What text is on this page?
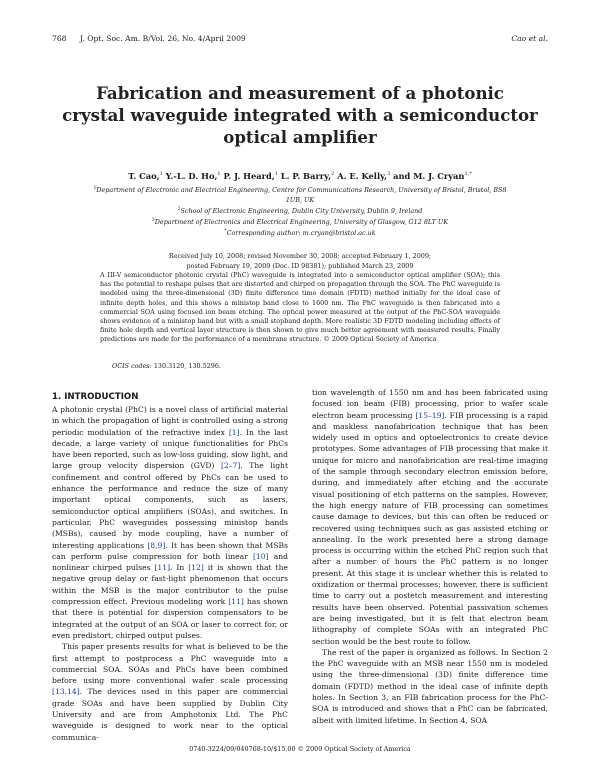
768 J. Opt. Soc. Am. B/Vol. 26, No. 4/April 2009	Cao et al.
Fabrication and measurement of a photonic
crystal waveguide integrated with a semiconductor
optical amplifier
T. Cao,$^1$ Y.-L. D. Ho,$^1$ P. J. Heard,$^1$ L. P. Barry,$^2$ A. E. Kelly,$^3$ and M. J. Cryan$^{1,*}$
$^1$Department of Electronic and Electrical Engineering, Centre for Communications Research, University of Bristol, Bristol, BS8 1UB, UK
$^2$School of Electronic Engineering, Dublin City University, Dublin 9, Ireland
$^3$Department of Electronics and Electrical Engineering, University of Glasgow, G12 8LT UK
*Corresponding author: m.cryan@bristol.ac.uk
Received July 10, 2008; revised November 30, 2008; accepted February 1, 2009;
posted February 19, 2009 (Doc. ID 98381); published March 23, 2009
A III-V semiconductor photonic crystal (PhC) waveguide is integrated into a semiconductor optical amplifier (SOA); this has the potential to reshape pulses that are distorted and chirped on propagation through the SOA. The PhC waveguide is modeled using the three-dimensional (3D) finite difference time domain (FDTD) method initially for the ideal case of infinite depth holes, and this shows a ministop band close to 1600 nm. The PhC waveguide is then fabricated into a commercial SOA using focused ion beam etching. The optical power measured at the output of the PhC-SOA waveguide shows evidence of a ministop band but with a small stopband depth. More realistic 3D FDTD modeling including effects of finite hole depth and vertical layer structure is then shown to give much better agreement with measured results. Finally predictions are made for the performance of a membrane structure. © 2009 Optical Society of America
OCIS codes: 130.3120, 130.5296.
1. INTRODUCTION

A photonic crystal (PhC) is a novel class of artificial material in which the propagation of light is controlled using a strong periodic modulation of the refractive index [1]. In the last decade, a large variety of unique functionalities for PhCs have been reported, such as low-loss guiding, slow light, and large group velocity dispersion (GVD) [2–7]. The light confinement and control offered by PhCs can be used to enhance the performance and reduce the size of many important optical components, such as lasers, semiconductor optical amplifiers (SOAs), and switches. In particular, PhC waveguides possessing ministop bands (MSBs), caused by mode coupling, have a number of interesting applications [8,9]. It has been shown that MSBs can perform pulse compression for both linear [10] and nonlinear chirped pulses [11]. In [12] it is shown that the negative group delay or fast-light phenomenon that occurs within the MSB is the major contributor to the pulse compression effect. Previous modeling work [11] has shown that there is potential for dispersion compensators to be integrated at the output of an SOA or laser to correct for, or even predistort, chirped output pulses.

This paper presents results for what is believed to be the first attempt to postprocess a PhC waveguide into a commercial SOA. SOAs and PhCs have been combined before using more conventional wafer scale processing [13,14]. The devices used in this paper are commercial grade SOAs and have been supplied by Dublin City University and are from Amphotonix Ltd. The PhC waveguide is designed to work near to the optical communica-

tion wavelength of 1550 nm and has been fabricated using focused ion beam (FIB) processing, prior to wafer scale electron beam processing [15–19]. FIB processing is a rapid and maskless nanofabrication technique that has been widely used in optics and optoelectronics to create device prototypes. Some advantages of FIB processing that make it unique for micro and nanofabrication are real-time imaging of the sample through secondary electron emission before, during, and immediately after etching and the accurate visual positioning of etch patterns on the samples. However, the high energy nature of FIB processing can sometimes cause damage to devices, but this can often be reduced or recovered using techniques such as gas assisted etching or annealing. In the work presented here a strong damage process is occurring within the etched PhC region such that after a number of hours the PhC pattern is no longer present. At this stage it is unclear whether this is related to oxidization or thermal processes; however, there is sufficient time to carry out a postetch measurement and interesting results have been observed. Potential passivation schemes are being investigated, but it is felt that electron beam lithography of complete SOAs with an integrated PhC section would be the best route to follow.

The rest of the paper is organized as follows. In Section 2 the PhC waveguide with an MSB near 1550 nm is modeled using the three-dimensional (3D) finite difference time domain (FDTD) method in the ideal case of infinite depth holes. In Section 3, an FIB fabrication process for the PhC-SOA is introduced and shows that a PhC can be fabricated, albeit with limited lifetime. In Section 4, SOA

0740-3224/09/040768-10/$15.00 © 2009 Optical Society of America
